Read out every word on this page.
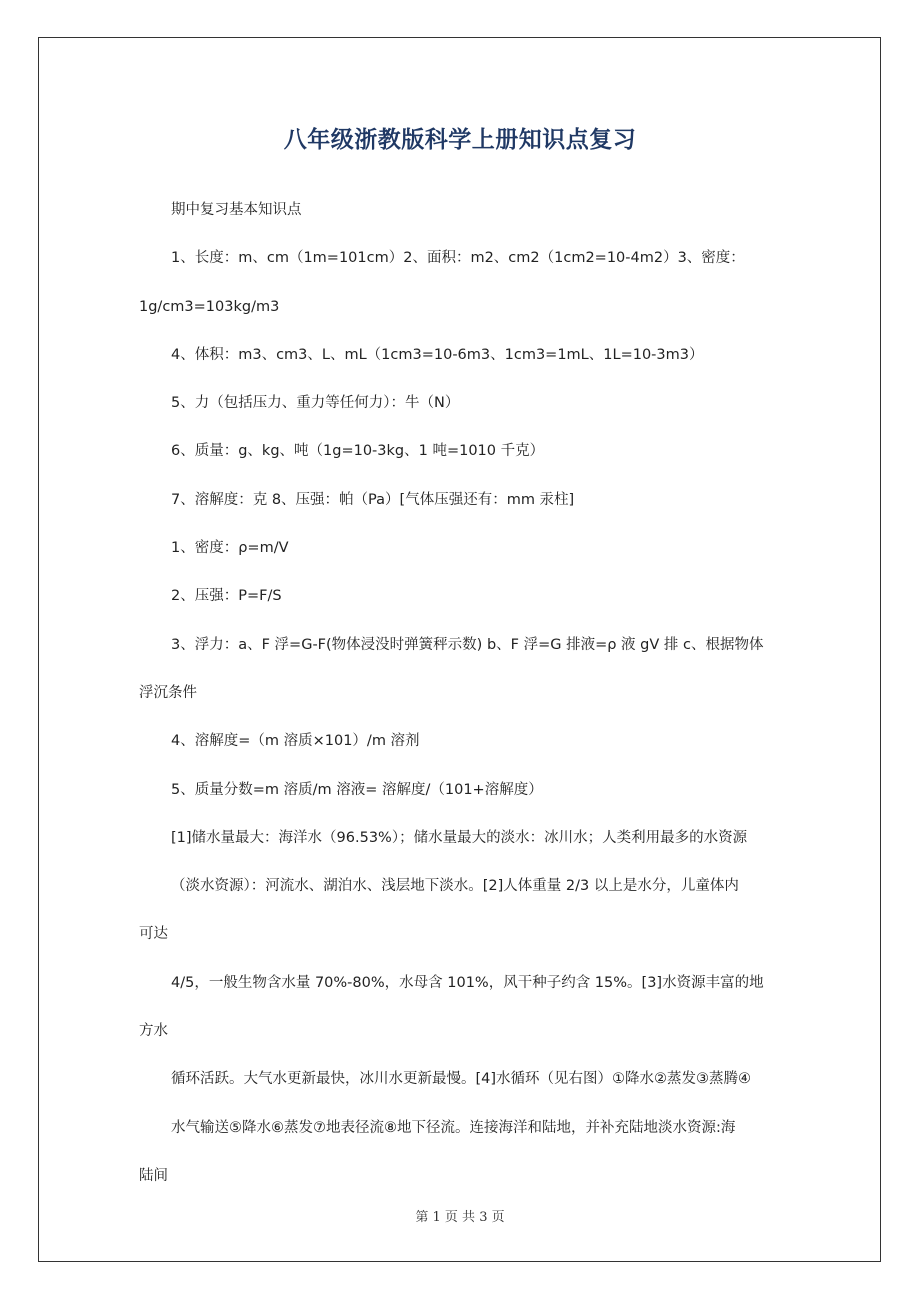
八年级浙教版科学上册知识点复习
期中复习基本知识点
1、长度：m、cm（1m=101cm）2、面积：m2、cm2（1cm2=10-4m2）3、密度：
1g/cm3=103kg/m3
4、体积：m3、cm3、L、mL（1cm3=10-6m3、1cm3=1mL、1L=10-3m3）
5、力（包括压力、重力等任何力）：牛（N）
6、质量：g、kg、吨（1g=10-3kg、1 吨=1010 千克）
7、溶解度：克 8、压强：帕（Pa）[气体压强还有：mm 汞柱]
1、密度：ρ=m/V
2、压强：P=F/S
3、浮力：a、F 浮=G-F(物体浸没时弹簧秤示数) b、F 浮=G 排液=ρ 液 gV 排 c、根据物体
浮沉条件
4、溶解度=（m 溶质×101）/m 溶剂
5、质量分数=m 溶质/m 溶液= 溶解度/（101+溶解度）
[1]储水量最大：海洋水（96.53%）；储水量最大的淡水：冰川水；人类利用最多的水资源
（淡水资源）：河流水、湖泊水、浅层地下淡水。[2]人体重量 2/3 以上是水分，儿童体内
可达
4/5，一般生物含水量 70%-80%，水母含 101%，风干种子约含 15%。[3]水资源丰富的地
方水
循环活跃。大气水更新最快，冰川水更新最慢。[4]水循环（见右图）①降水②蒸发③蒸腾④
水气输送⑤降水⑥蒸发⑦地表径流⑧地下径流。连接海洋和陆地，并补充陆地淡水资源:海
陆间
第 1 页 共 3 页
